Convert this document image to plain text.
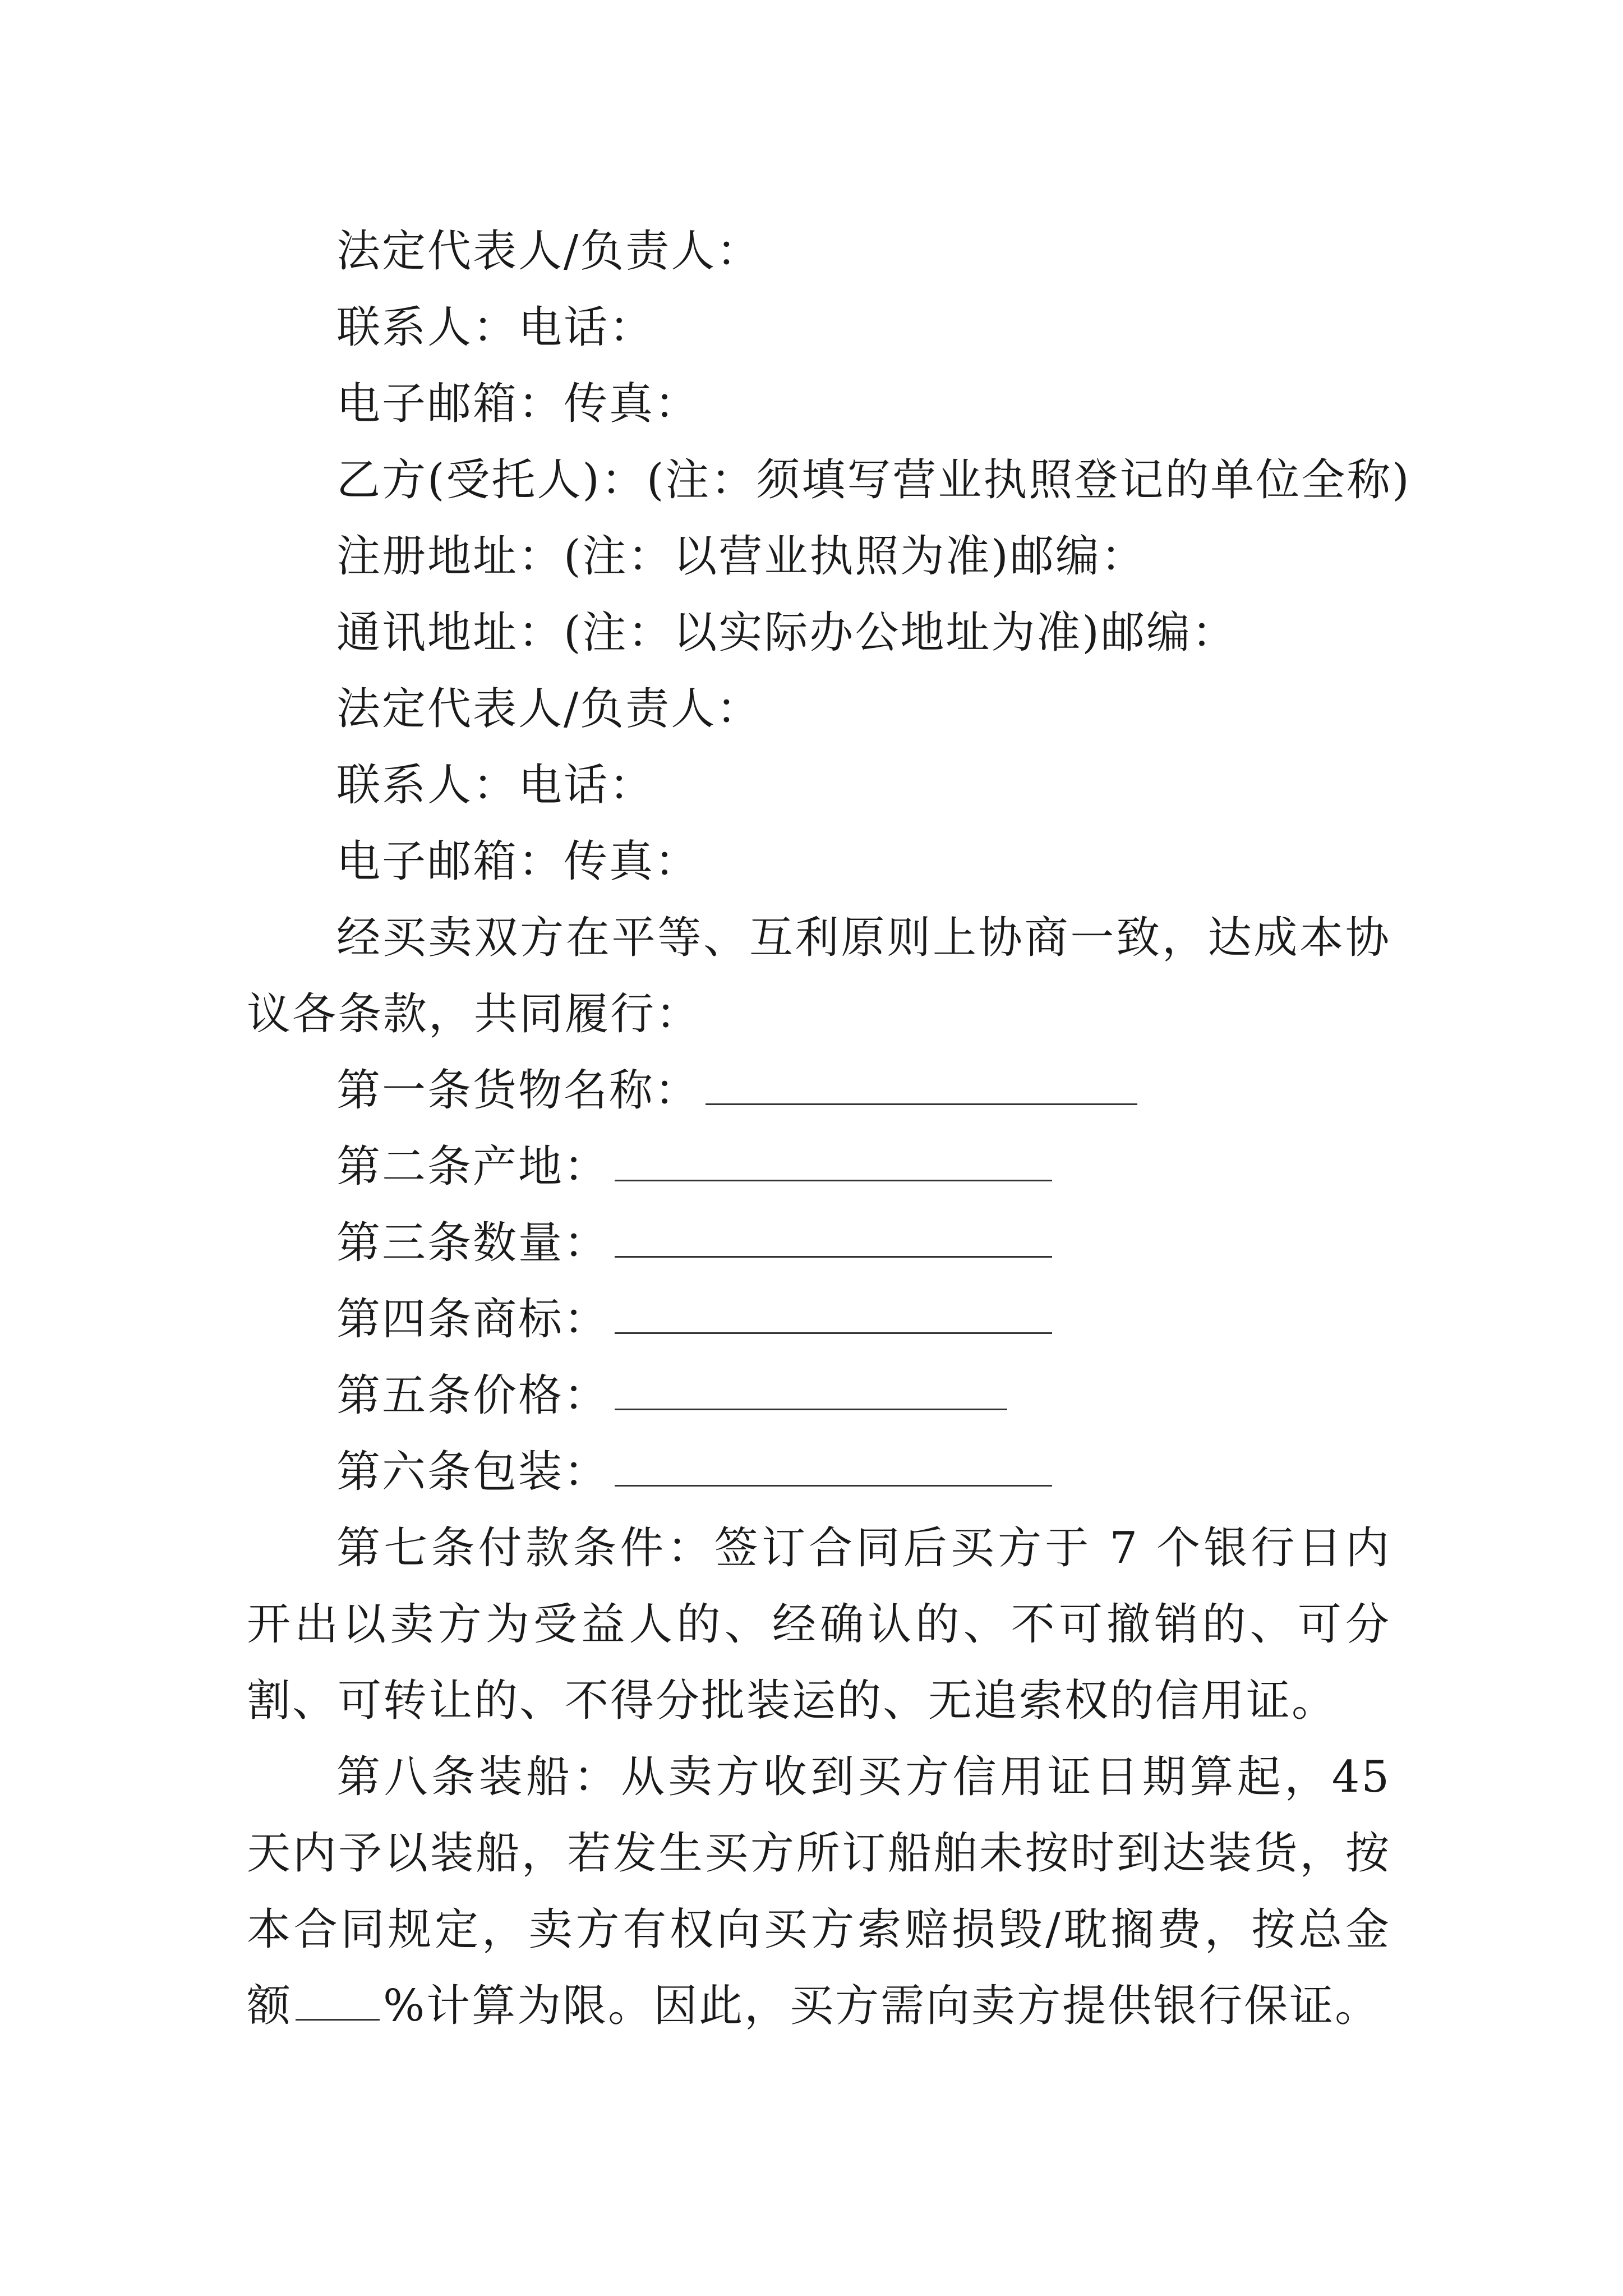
法定代表人/负责人：

联系人：电话：

电子邮箱：传真：

乙方(受托人)：(注：须填写营业执照登记的单位全称)

注册地址：(注：以营业执照为准)邮编：

通讯地址：(注：以实际办公地址为准)邮编：

法定代表人/负责人：

联系人：电话：

电子邮箱：传真：

经买卖双方在平等、互利原则上协商一致，达成本协议各条款，共同履行：

第一条货物名称：

第二条产地：

第三条数量：

第四条商标：

第五条价格：

第六条包装：

第七条付款条件：签订合同后买方于 7 个银行日内开出以卖方为受益人的、经确认的、不可撤销的、可分割、可转让的、不得分批装运的、无追索权的信用证。

第八条装船：从卖方收到买方信用证日期算起，45 天内予以装船，若发生买方所订船舶未按时到达装货，按本合同规定，卖方有权向买方索赔损毁/耽搁费，按总金额 %计算为限。因此，买方需向卖方提供银行保证。
